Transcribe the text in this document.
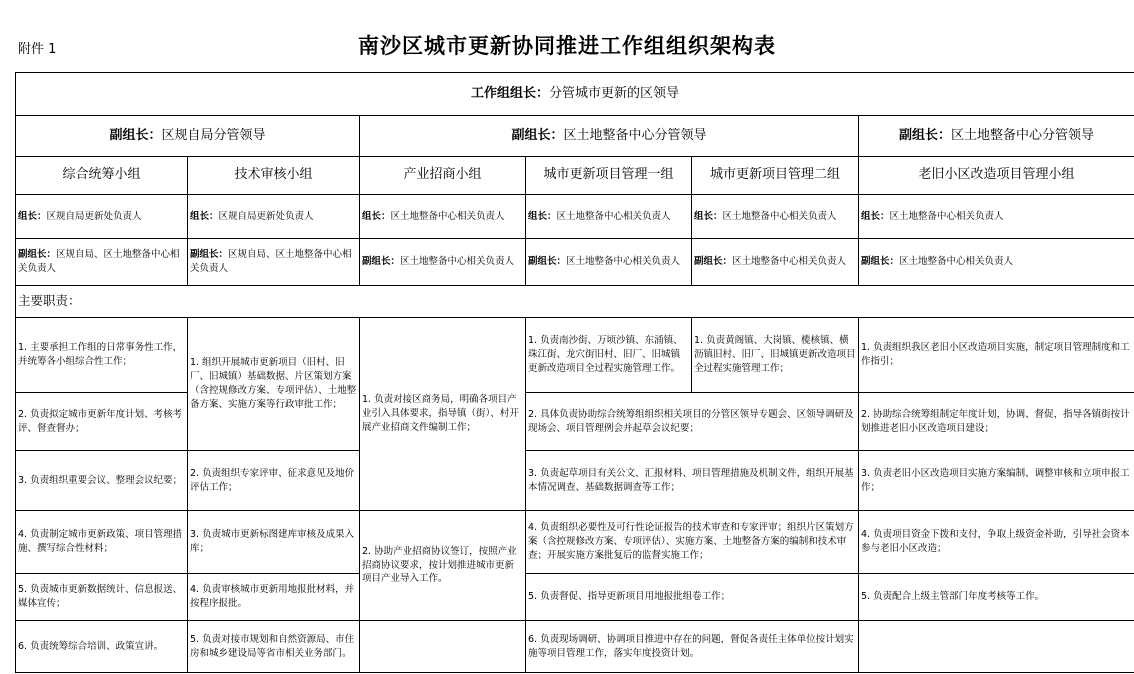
附件 1	南沙区城市更新协同推进工作组组织架构表
工作组组长：分管城市更新的区领导					
副组长：区规自局分管领导		副组长：区土地整备中心分管领导			副组长：区土地整备中心分管领导
综合统筹小组	技术审核小组	产业招商小组	城市更新项目管理一组	城市更新项目管理二组	老旧小区改造项目管理小组
组长：区规自局更新处负责人	组长：区规自局更新处负责人	组长：区土地整备中心相关负责人	组长：区土地整备中心相关负责人	组长：区土地整备中心相关负责人	组长：区土地整备中心相关负责人
副组长：区规自局、区土地整备中心相关负责人	副组长：区规自局、区土地整备中心相关负责人	副组长：区土地整备中心相关负责人	副组长：区土地整备中心相关负责人	副组长：区土地整备中心相关负责人	副组长：区土地整备中心相关负责人
主要职责：					
1. 主要承担工作组的日常事务性工作，并统筹各小组综合性工作；	1. 组织开展城市更新项目（旧村、旧厂、旧城镇）基础数据、片区策划方案（含控规修改方案、专项评估）、土地整备方案、实施方案等行政审批工作；	1. 负责对接区商务局，明确各项目产业引入具体要求，指导镇（街）、村开展产业招商文件编制工作；	1. 负责南沙街、万顷沙镇、东涌镇、珠江街、龙穴街旧村、旧厂、旧城镇更新改造项目全过程实施管理工作。	1. 负责黄阁镇、大岗镇、榄核镇、横沥镇旧村、旧厂、旧城镇更新改造项目全过程实施管理工作；	1. 负责组织我区老旧小区改造项目实施，制定项目管理制度和工作指引；
2. 负责拟定城市更新年度计划、考核考评、督查督办；			2. 具体负责协助综合统筹组组织相关项目的分管区领导专题会、区领导调研及现场会、项目管理例会并起草会议纪要；		2. 协助综合统筹组制定年度计划，协调、督促，指导各镇街按计划推进老旧小区改造项目建设；
3. 负责组织重要会议、整理会议纪要；	2. 负责组织专家评审、征求意见及地价评估工作；		3. 负责起草项目有关公文、汇报材料、项目管理措施及机制文件，组织开展基本情况调查、基础数据调查等工作；		3. 负责老旧小区改造项目实施方案编制、调整审核和立项申报工作；
4. 负责制定城市更新政策、项目管理措施、撰写综合性材料；	3. 负责城市更新标图建库审核及成果入库；	2. 协助产业招商协议签订，按照产业招商协议要求，按计划推进城市更新项目产业导入工作。	4. 负责组织必要性及可行性论证报告的技术审查和专家评审；组织片区策划方案（含控规修改方案、专项评估）、实施方案、土地整备方案的编制和技术审查；开展实施方案批复后的监督实施工作；		4. 负责项目资金下拨和支付，争取上级资金补助，引导社会资本参与老旧小区改造；
5. 负责城市更新数据统计、信息报送、媒体宣传；	4. 负责审核城市更新用地报批材料，并按程序报批。		5. 负责督促、指导更新项目用地报批组卷工作；		5. 负责配合上级主管部门年度考核等工作。
6. 负责统筹综合培训、政策宣讲。	5. 负责对接市规划和自然资源局、市住房和城乡建设局等省市相关业务部门。		6. 负责现场调研、协调项目推进中存在的问题，督促各责任主体单位按计划实施等项目管理工作，落实年度投资计划。		
